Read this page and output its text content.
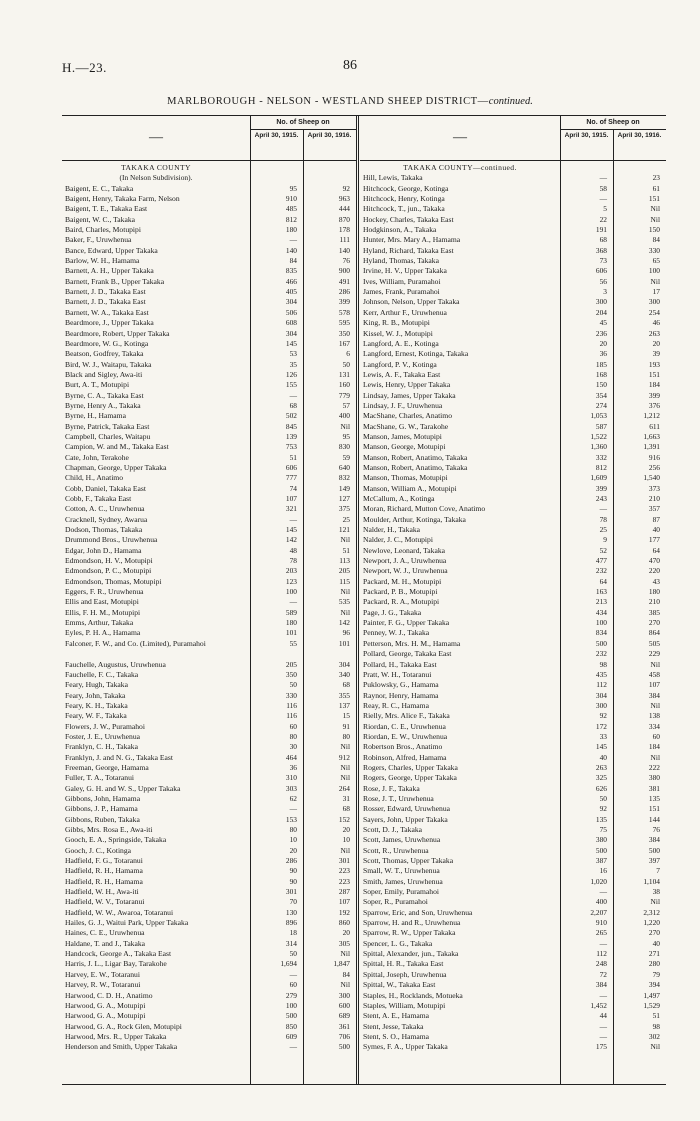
H.—23.	86
MARLBOROUGH - NELSON - WESTLAND SHEEP DISTRICT—continued.
—
No. of Sheep on
April 30, 1915.	April 30, 1916.	—
No. of Sheep on
April 30, 1915.	April 30, 1916.
TAKAKA COUNTY
(In Nelson Subdivision).
Baigent, E. C., Takaka	95	92
Baigent, Henry, Takaka Farm, Nelson	910	963
Baigent, T. E., Takaka East	485	444
Baigent, W. C., Takaka	812	870
Baird, Charles, Motupipi	180	178
Baker, F., Uruwhenua	—	111
Bance, Edward, Upper Takaka	140	140
Barlow, W. H., Hamama	84	76
Barnett, A. H., Upper Takaka	835	900
Barnett, Frank B., Upper Takaka	466	491
Barnett, J. D., Takaka East	405	286
Barnett, J. D., Takaka East	304	399
Barnett, W. A., Takaka East	506	578
Beardmore, J., Upper Takaka	608	595
Beardmore, Robert, Upper Takaka	304	350
Beardmore, W. G., Kotinga	145	167
Beatson, Godfrey, Takaka	53	6
Bird, W. J., Waitapu, Takaka	35	50
Black and Sigley, Awa-iti	126	131
Burt, A. T., Motupipi	155	160
Byrne, C. A., Takaka East	—	779
Byrne, Henry A., Takaka	68	57
Byrne, H., Hamama	502	400
Byrne, Patrick, Takaka East	845	Nil
Campbell, Charles, Waitapu	139	95
Campion, W. and M., Takaka East	753	830
Cate, John, Terakohe	51	59
Chapman, George, Upper Takaka	606	640
Child, H., Anatimo	777	832
Cobb, Daniel, Takaka East	74	149
Cobb, F., Takaka East	107	127
Cotton, A. C., Uruwhenua	321	375
Cracknell, Sydney, Awarua	—	25
Dodson, Thomas, Takaka	145	121
Drummond Bros., Uruwhenua	142	Nil
Edgar, John D., Hamama	48	51
Edmondson, H. V., Motupipi	78	113
Edmondson, P. C., Motupipi	203	205
Edmondson, Thomas, Motupipi	123	115
Eggers, F. R., Uruwhenua	100	Nil
Ellis and East, Motupipi	—	535
Ellis, F. H. M., Motupipi	589	Nil
Emms, Arthur, Takaka	180	142
Eyles, P. H. A., Hamama	101	96
Falconer, F. W., and Co. (Limited), Puramahoi	55	101
Fauchelle, Augustus, Uruwhenua	205	304
Fauchelle, F. C., Takaka	350	340
Feary, Hugh, Takaka	50	68
Feary, John, Takaka	330	355
Feary, K. H., Takaka	116	137
Feary, W. F., Takaka	116	15
Flowers, J. W., Puramahoi	60	91
Foster, J. E., Uruwhenua	80	80
Franklyn, C. H., Takaka	30	Nil
Franklyn, J. and N. G., Takaka East	464	912
Freeman, George, Hamama	36	Nil
Fuller, T. A., Totaranui	310	Nil
Galey, G. H. and W. S., Upper Takaka	303	264
Gibbons, John, Hamama	62	31
Gibbons, J. P., Hamama	—	68
Gibbons, Ruben, Takaka	153	152
Gibbs, Mrs. Rosa E., Awa-iti	80	20
Gooch, E. A., Springside, Takaka	10	10
Gooch, J. C., Kotinga	20	Nil
Hadfield, F. G., Totaranui	286	301
Hadfield, R. H., Hamama	90	223
Hadfield, R. H., Hamama	90	223
Hadfield, W. H., Awa-iti	301	287
Hadfield, W. V., Totaranui	70	107
Hadfield, W. W., Awaroa, Totaranui	130	192
Hailes, G. J., Waitui Park, Upper Takaka	896	860
Haines, C. E., Uruwhenua	18	20
Haldane, T. and J., Takaka	314	305
Handcock, George A., Takaka East	50	Nil
Harris, J. L., Ligar Bay, Tarakohe	1,694	1,847
Harvey, E. W., Totaranui	—	84
Harvey, R. W., Totaranui	60	Nil
Harwood, C. D. H., Anatimo	279	300
Harwood, G. A., Motupipi	100	600
Harwood, G. A., Motupipi	500	689
Harwood, G. A., Rock Glen, Motupipi	850	361
Harwood, Mrs. R., Upper Takaka	609	706
Henderson and Smith, Upper Takaka	—	500
TAKAKA COUNTY—continued.
Hill, Lewis, Takaka	—	23
Hitchcock, George, Kotinga	58	61
Hitchcock, Henry, Kotinga	—	151
Hitchcock, T., jun., Takaka	5	Nil
Hockey, Charles, Takaka East	22	Nil
Hodgkinson, A., Takaka	191	150
Hunter, Mrs. Mary A., Hamama	68	84
Hyland, Richard, Takaka East	368	330
Hyland, Thomas, Takaka	73	65
Irvine, H. V., Upper Takaka	606	100
Ives, William, Puramahoi	56	Nil
James, Frank, Puramahoi	3	17
Johnson, Nelson, Upper Takaka	300	300
Kerr, Arthur F., Uruwhenua	204	254
King, R. B., Motupipi	45	46
Kissel, W. J., Motupipi	236	263
Langford, A. E., Kotinga	20	20
Langford, Ernest, Kotinga, Takaka	36	39
Langford, P. V., Kotinga	185	193
Lewis, A. F., Takaka East	168	151
Lewis, Henry, Upper Takaka	150	184
Lindsay, James, Upper Takaka	354	399
Lindsay, J. F., Uruwhenua	274	376
MacShane, Charles, Anatimo	1,053	1,212
MacShane, G. W., Tarakohe	587	611
Manson, James, Motupipi	1,522	1,663
Manson, George, Motupipi	1,360	1,391
Manson, Robert, Anatimo, Takaka	332	916
Manson, Robert, Anatimo, Takaka	812	256
Manson, Thomas, Motupipi	1,609	1,540
Manson, William A., Motupipi	399	373
McCallum, A., Kotinga	243	210
Moran, Richard, Mutton Cove, Anatimo	—	357
Moulder, Arthur, Kotinga, Takaka	78	87
Nalder, H., Takaka	25	40
Nalder, J. C., Motupipi	9	177
Newlove, Leonard, Takaka	52	64
Newport, J. A., Uruwhenua	477	470
Newport, W. J., Uruwhenua	232	220
Packard, M. H., Motupipi	64	43
Packard, P. B., Motupipi	163	180
Packard, R. A., Motupipi	213	210
Page, J. G., Takaka	434	385
Painter, F. G., Upper Takaka	100	270
Penney, W. J., Takaka	834	864
Petterson, Mrs. H. M., Hamama	500	505
Pollard, George, Takaka East	232	229
Pollard, H., Takaka East	98	Nil
Pratt, W. H., Totaranui	435	458
Puklowsky, G., Hamama	112	107
Raynor, Henry, Hamama	304	384
Reay, R. C., Hamama	300	Nil
Rielly, Mrs. Alice F., Takaka	92	138
Riordan, C. E., Uruwhenua	172	334
Riordan, E. W., Uruwhenua	33	60
Robertson Bros., Anatimo	145	184
Robinson, Alfred, Hamama	40	Nil
Rogers, Charles, Upper Takaka	263	222
Rogers, George, Upper Takaka	325	380
Rose, J. F., Takaka	626	381
Rose, J. T., Uruwhenua	50	135
Rosser, Edward, Uruwhenua	92	151
Sayers, John, Upper Takaka	135	144
Scott, D. J., Takaka	75	76
Scott, James, Uruwhenua	380	384
Scott, R., Uruwhenua	500	500
Scott, Thomas, Upper Takaka	387	397
Small, W. T., Uruwhenua	16	7
Smith, James, Uruwhenua	1,020	1,104
Soper, Emily, Puramahoi	—	38
Soper, R., Puramahoi	400	Nil
Sparrow, Eric, and Son, Uruwhenua	2,207	2,312
Sparrow, H. and R., Uruwhenua	910	1,220
Sparrow, R. W., Upper Takaka	265	270
Spencer, L. G., Takaka	—	40
Spittal, Alexander, jun., Takaka	112	271
Spittal, H. R., Takaka East	248	280
Spittal, Joseph, Uruwhenua	72	79
Spittal, W., Takaka East	384	394
Staples, H., Rocklands, Motueka	—	1,497
Staples, William, Motupipi	1,452	1,529
Stent, A. E., Hamama	44	51
Stent, Jesse, Takaka	—	98
Stent, S. O., Hamama	—	302
Symes, F. A., Upper Takaka	175	Nil
